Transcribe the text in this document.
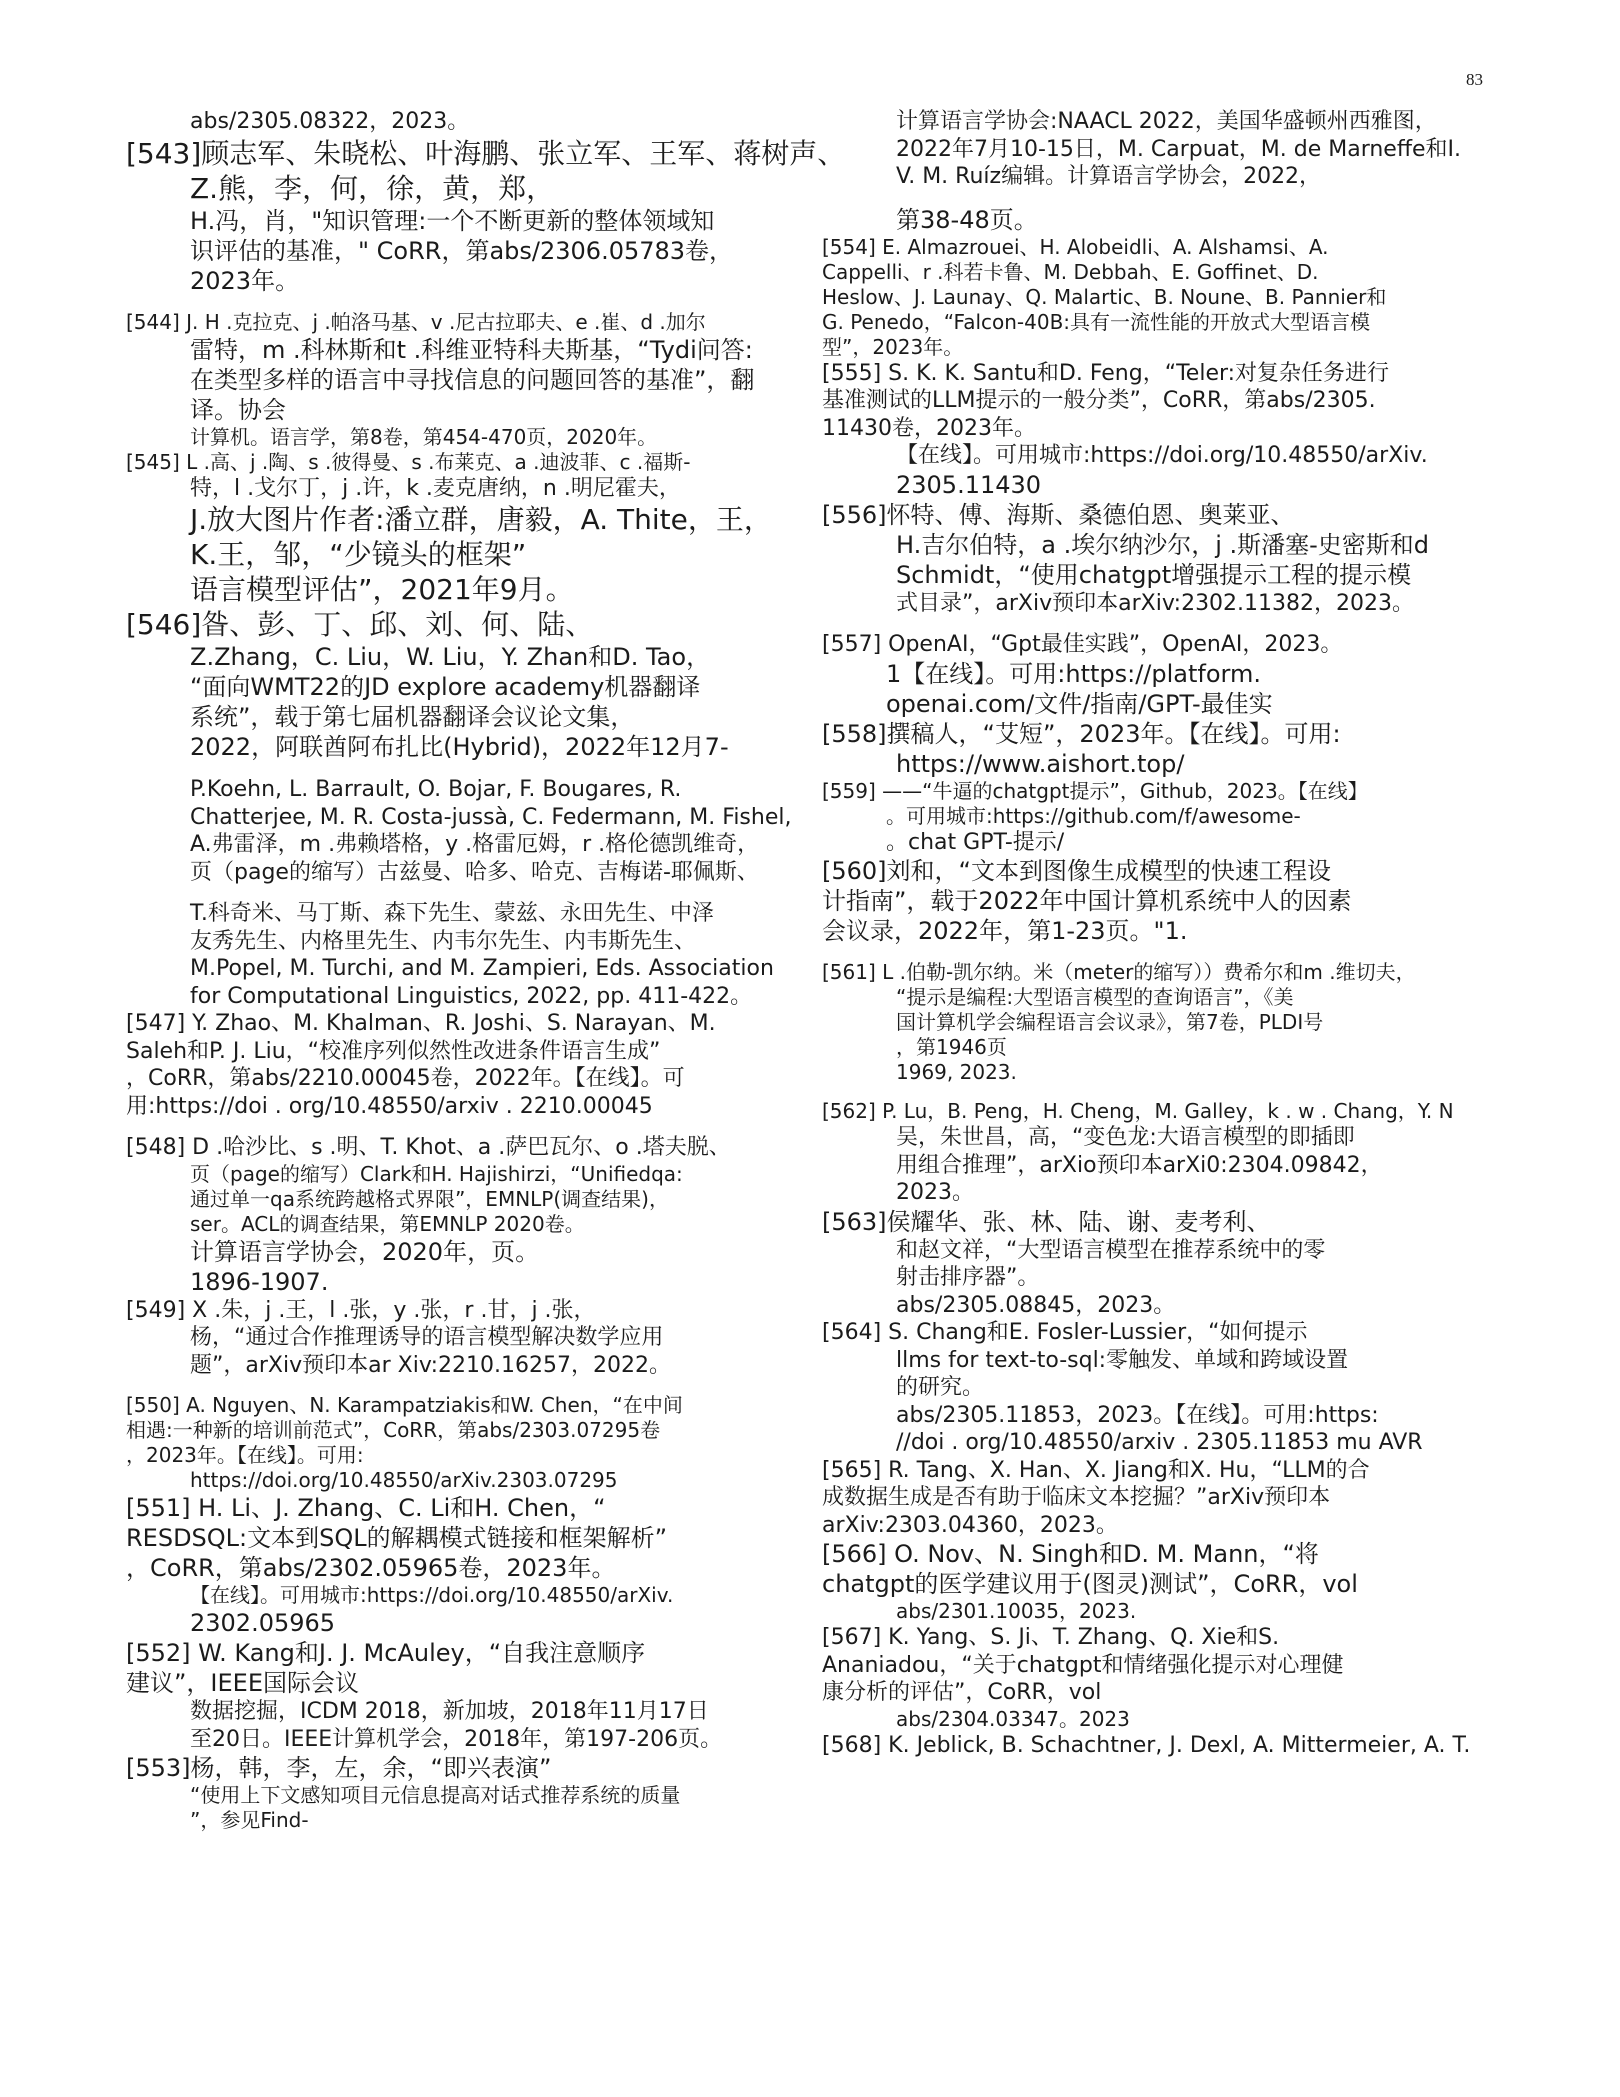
83
abs/2305.08322，2023。
[543]顾志军、朱晓松、叶海鹏、张立军、王军、蒋树声、
Z.熊，李，何，徐，黄，郑，
H.冯，肖，"知识管理:一个不断更新的整体领域知
识评估的基准，" CoRR，第abs/2306.05783卷，
2023年。
[544] J. H .克拉克、j .帕洛马基、v .尼古拉耶夫、e .崔、d .加尔
雷特，m .科林斯和t .科维亚特科夫斯基，“Tydi问答:
在类型多样的语言中寻找信息的问题回答的基准”，翻
译。协会
计算机。语言学，第8卷，第454-470页，2020年。
[545] L .高、j .陶、s .彼得曼、s .布莱克、a .迪波菲、c .福斯-
特，l .戈尔丁，j .许，k .麦克唐纳，n .明尼霍夫，
J.放大图片作者:潘立群，唐毅，A. Thite，王，
K.王，邹，“少镜头的框架”
语言模型评估”，2021年9月。
[546]昝、彭、丁、邱、刘、何、陆、
Z.Zhang，C. Liu，W. Liu，Y. Zhan和D. Tao，
“面向WMT22的JD explore academy机器翻译
系统”，载于第七届机器翻译会议论文集，
2022，阿联酋阿布扎比(Hybrid)，2022年12月7-
P.Koehn, L. Barrault, O. Bojar, F. Bougares, R.
Chatterjee, M. R. Costa-jussà, C. Federmann, M. Fishel,
A.弗雷泽，m .弗赖塔格，y .格雷厄姆，r .格伦德凯维奇，
页（page的缩写）古兹曼、哈多、哈克、吉梅诺-耶佩斯、
T.科奇米、马丁斯、森下先生、蒙兹、永田先生、中泽
友秀先生、内格里先生、内韦尔先生、内韦斯先生、
M.Popel, M. Turchi, and M. Zampieri, Eds. Association
for Computational Linguistics, 2022, pp. 411-422。
[547] Y. Zhao、M. Khalman、R. Joshi、S. Narayan、M.
Saleh和P. J. Liu，“校准序列似然性改进条件语言生成”
，CoRR，第abs/2210.00045卷，2022年。【在线】。可
用:https://doi . org/10.48550/arxiv . 2210.00045
[548] D .哈沙比、s .明、T. Khot、a .萨巴瓦尔、o .塔夫脱、
页（page的缩写）Clark和H. Hajishirzi，“Unifiedqa:
通过单一qa系统跨越格式界限”，EMNLP(调查结果)，
ser。ACL的调查结果，第EMNLP 2020卷。
计算语言学协会，2020年，页。
1896-1907.
[549] X .朱，j .王，l .张，y .张，r .甘，j .张，
杨，“通过合作推理诱导的语言模型解决数学应用
题”，arXiv预印本ar Xiv:2210.16257，2022。
[550] A. Nguyen、N. Karampatziakis和W. Chen，“在中间
相遇:一种新的培训前范式”，CoRR，第abs/2303.07295卷
，2023年。【在线】。可用:
https://doi.org/10.48550/arXiv.2303.07295
[551] H. Li、J. Zhang、C. Li和H. Chen，“
RESDSQL:文本到SQL的解耦模式链接和框架解析”
，CoRR，第abs/2302.05965卷，2023年。
【在线】。可用城市:https://doi.org/10.48550/arXiv.
2302.05965
[552] W. Kang和J. J. McAuley，“自我注意顺序
建议”，IEEE国际会议
数据挖掘，ICDM 2018，新加坡，2018年11月17日
至20日。IEEE计算机学会，2018年，第197-206页。
[553]杨，韩，李，左，余，“即兴表演”
“使用上下文感知项目元信息提高对话式推荐系统的质量
”，参见Find-
计算语言学协会:NAACL 2022，美国华盛顿州西雅图，
2022年7月10-15日，M. Carpuat，M. de Marneffe和I.
V. M. Ruíz编辑。计算语言学协会，2022，
第38-48页。
[554] E. Almazrouei、H. Alobeidli、A. Alshamsi、A.
Cappelli、r .科若卡鲁、M. Debbah、E. Goffinet、D.
Heslow、J. Launay、Q. Malartic、B. Noune、B. Pannier和
G. Penedo，“Falcon-40B:具有一流性能的开放式大型语言模
型”，2023年。
[555] S. K. K. Santu和D. Feng，“Teler:对复杂任务进行
基准测试的LLM提示的一般分类”，CoRR，第abs/2305.
11430卷，2023年。
【在线】。可用城市:https://doi.org/10.48550/arXiv.
2305.11430
[556]怀特、傅、海斯、桑德伯恩、奥莱亚、
H.吉尔伯特，a .埃尔纳沙尔，j .斯潘塞-史密斯和d
Schmidt，“使用chatgpt增强提示工程的提示模
式目录”，arXiv预印本arXiv:2302.11382，2023。
[557] OpenAI，“Gpt最佳实践”，OpenAI，2023。
1【在线】。可用:https://platform.
openai.com/文件/指南/GPT-最佳实
[558]撰稿人，“艾短”，2023年。【在线】。可用:
https://www.aishort.top/
[559] ——“牛逼的chatgpt提示”，Github，2023。【在线】
。可用城市:https://github.com/f/awesome-
。chat GPT-提示/
[560]刘和，“文本到图像生成模型的快速工程设
计指南”，载于2022年中国计算机系统中人的因素
会议录，2022年，第1-23页。"1.
[561] L .伯勒-凯尔纳。米（meter的缩写））费希尔和m .维切夫，
“提示是编程:大型语言模型的查询语言”，《美
国计算机学会编程语言会议录》，第7卷，PLDI号
，第1946页
1969, 2023.
[562] P. Lu，B. Peng，H. Cheng，M. Galley，k . w . Chang，Y. N
吴，朱世昌，高，“变色龙:大语言模型的即插即
用组合推理”，arXio预印本arXi0:2304.09842，
2023。
[563]侯耀华、张、林、陆、谢、麦考利、
和赵文祥，“大型语言模型在推荐系统中的零
射击排序器”。
abs/2305.08845，2023。
[564] S. Chang和E. Fosler-Lussier，“如何提示
llms for text-to-sql:零触发、单域和跨域设置
的研究。
abs/2305.11853，2023。【在线】。可用:https:
//doi . org/10.48550/arxiv . 2305.11853 mu AVR
[565] R. Tang、X. Han、X. Jiang和X. Hu，“LLM的合
成数据生成是否有助于临床文本挖掘？”arXiv预印本
arXiv:2303.04360，2023。
[566] O. Nov、N. Singh和D. M. Mann，“将
chatgpt的医学建议用于(图灵)测试”，CoRR，vol
abs/2301.10035，2023.
[567] K. Yang、S. Ji、T. Zhang、Q. Xie和S.
Ananiadou，“关于chatgpt和情绪强化提示对心理健
康分析的评估”，CoRR，vol
abs/2304.03347。2023
[568] K. Jeblick, B. Schachtner, J. Dexl, A. Mittermeier, A. T.
